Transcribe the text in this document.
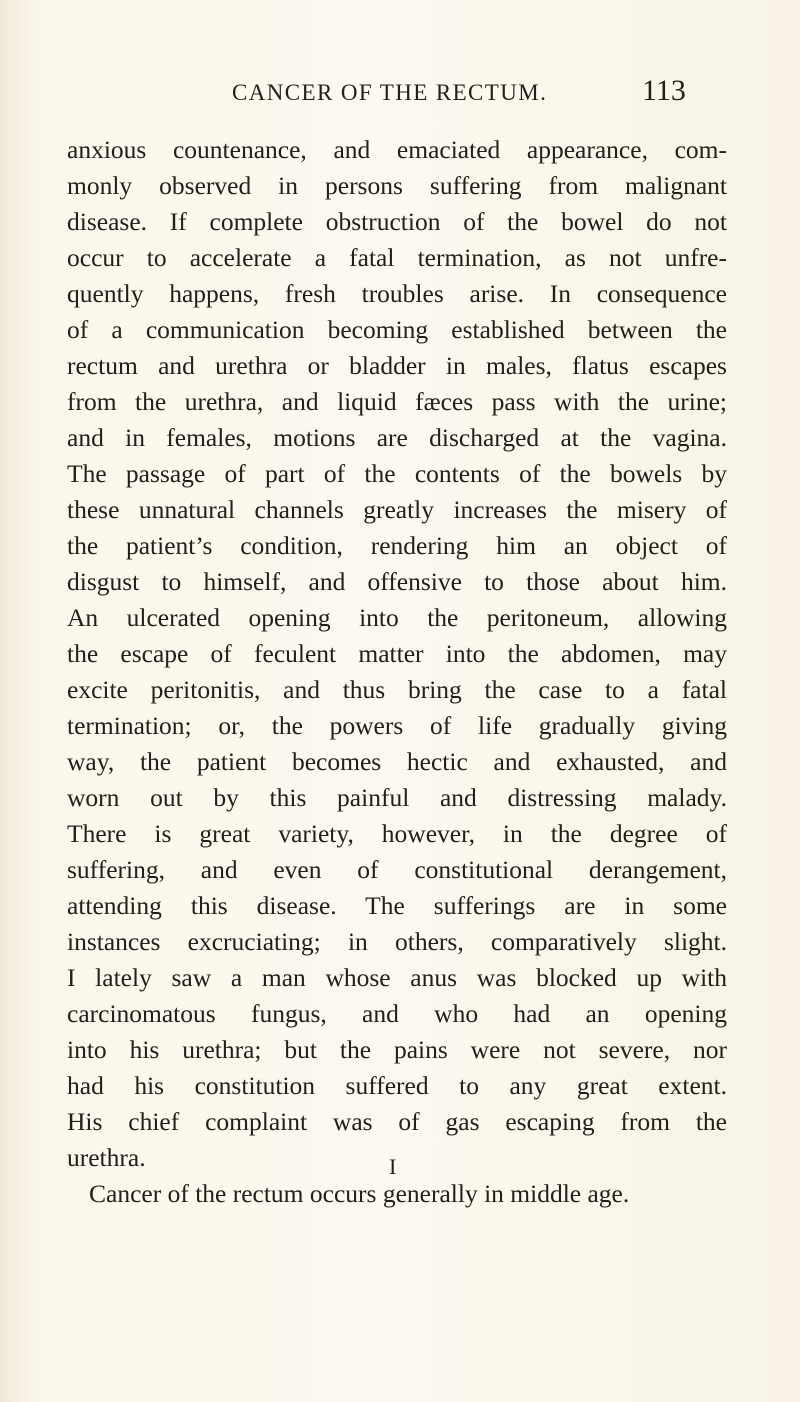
CANCER OF THE RECTUM.	113
anxious countenance, and emaciated appearance, com-
monly observed in persons suffering from malignant
disease. If complete obstruction of the bowel do not
occur to accelerate a fatal termination, as not unfre-
quently happens, fresh troubles arise. In consequence
of a communication becoming established between the
rectum and urethra or bladder in males, flatus escapes
from the urethra, and liquid fæces pass with the urine;
and in females, motions are discharged at the vagina.
The passage of part of the contents of the bowels by
these unnatural channels greatly increases the misery of
the patient’s condition, rendering him an object of
disgust to himself, and offensive to those about him.
An ulcerated opening into the peritoneum, allowing
the escape of feculent matter into the abdomen, may
excite peritonitis, and thus bring the case to a fatal
termination; or, the powers of life gradually giving
way, the patient becomes hectic and exhausted, and
worn out by this painful and distressing malady.
There is great variety, however, in the degree of
suffering, and even of constitutional derangement,
attending this disease. The sufferings are in some
instances excruciating; in others, comparatively slight.
I lately saw a man whose anus was blocked up with
carcinomatous fungus, and who had an opening
into his urethra; but the pains were not severe, nor
had his constitution suffered to any great extent.
His chief complaint was of gas escaping from the
urethra.
Cancer of the rectum occurs generally in middle age.
I
